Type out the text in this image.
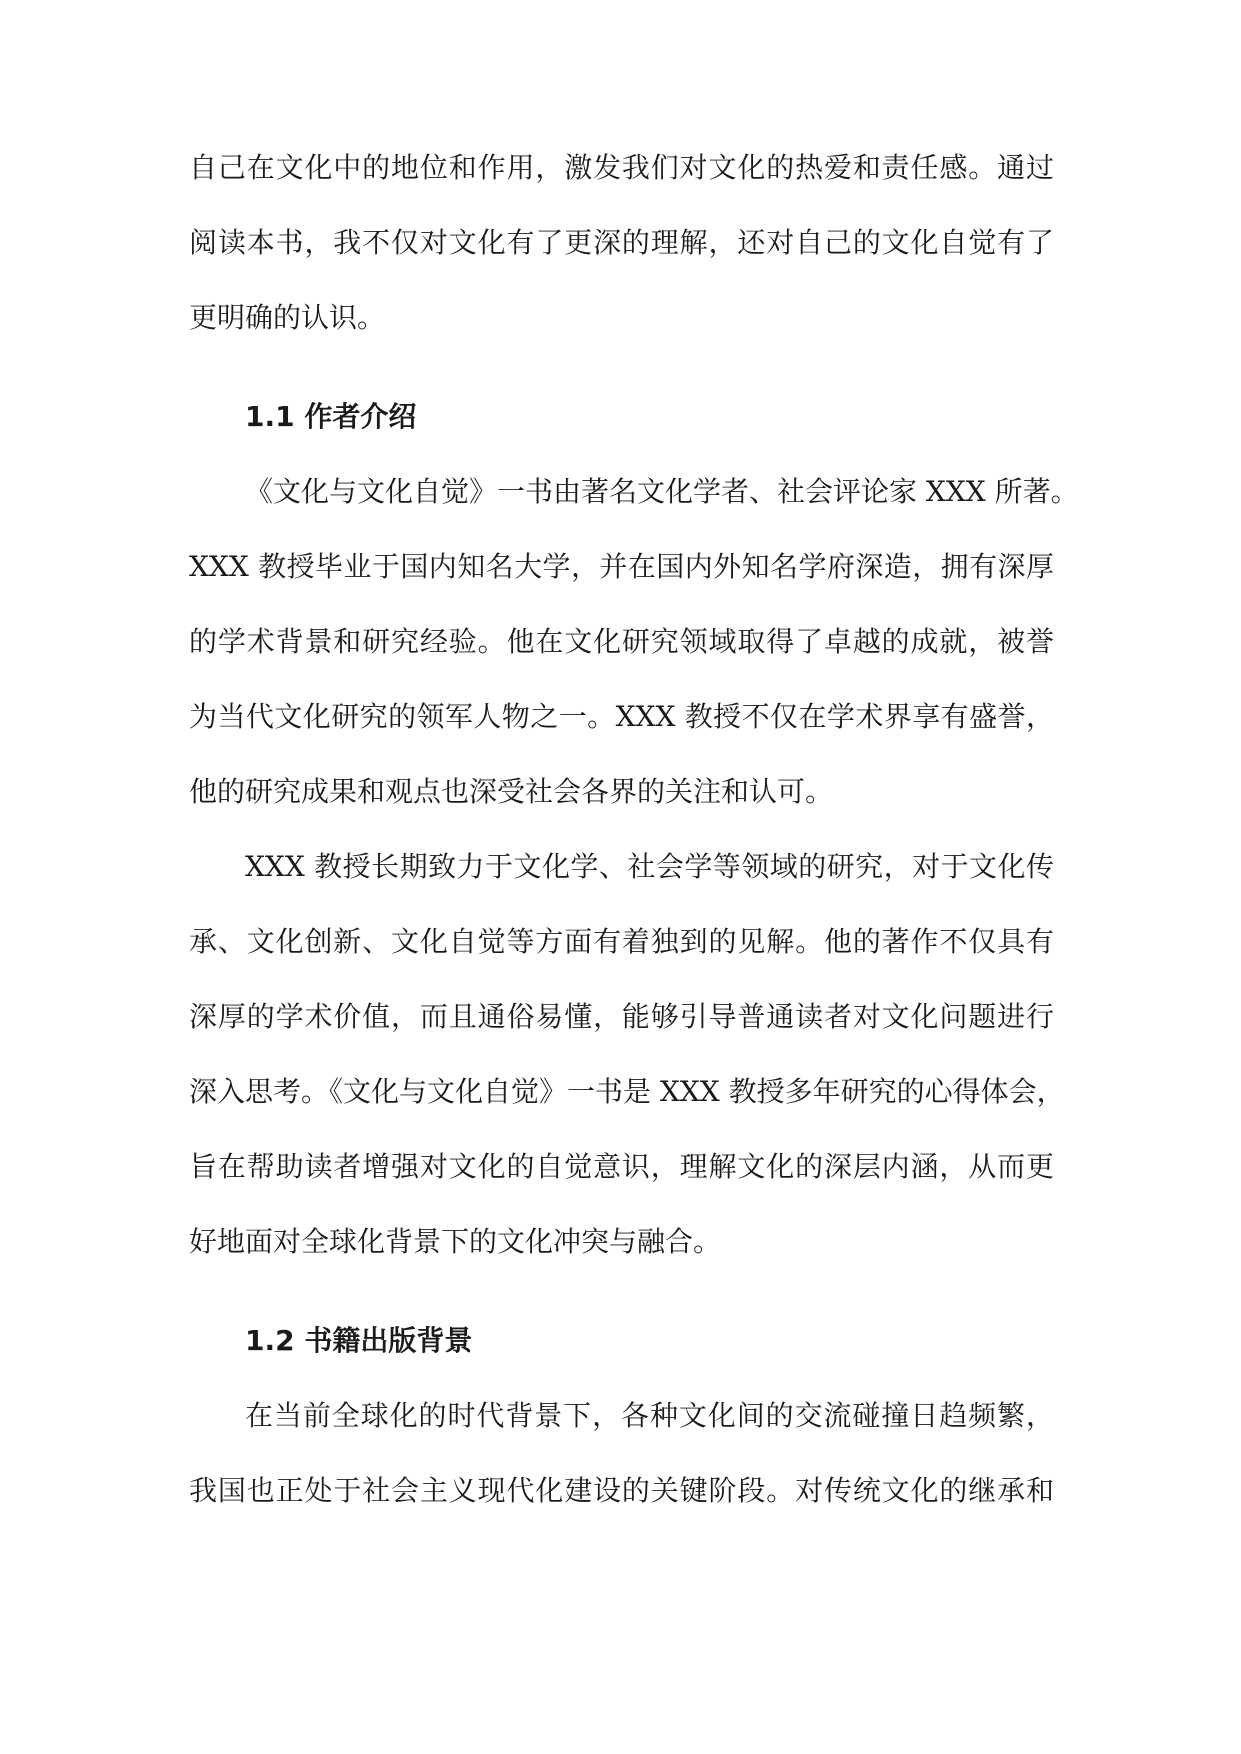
自己在文化中的地位和作用，激发我们对文化的热爱和责任感。通过
阅读本书，我不仅对文化有了更深的理解，还对自己的文化自觉有了
更明确的认识。
1.1 作者介绍
《文化与文化自觉》一书由著名文化学者、社会评论家 XXX 所著。
XXX 教授毕业于国内知名大学，并在国内外知名学府深造，拥有深厚
的学术背景和研究经验。他在文化研究领域取得了卓越的成就，被誉
为当代文化研究的领军人物之一。XXX 教授不仅在学术界享有盛誉，
他的研究成果和观点也深受社会各界的关注和认可。
XXX 教授长期致力于文化学、社会学等领域的研究，对于文化传
承、文化创新、文化自觉等方面有着独到的见解。他的著作不仅具有
深厚的学术价值，而且通俗易懂，能够引导普通读者对文化问题进行
深入思考。《文化与文化自觉》一书是 XXX 教授多年研究的心得体会，
旨在帮助读者增强对文化的自觉意识，理解文化的深层内涵，从而更
好地面对全球化背景下的文化冲突与融合。
1.2 书籍出版背景
在当前全球化的时代背景下，各种文化间的交流碰撞日趋频繁，
我国也正处于社会主义现代化建设的关键阶段。对传统文化的继承和
